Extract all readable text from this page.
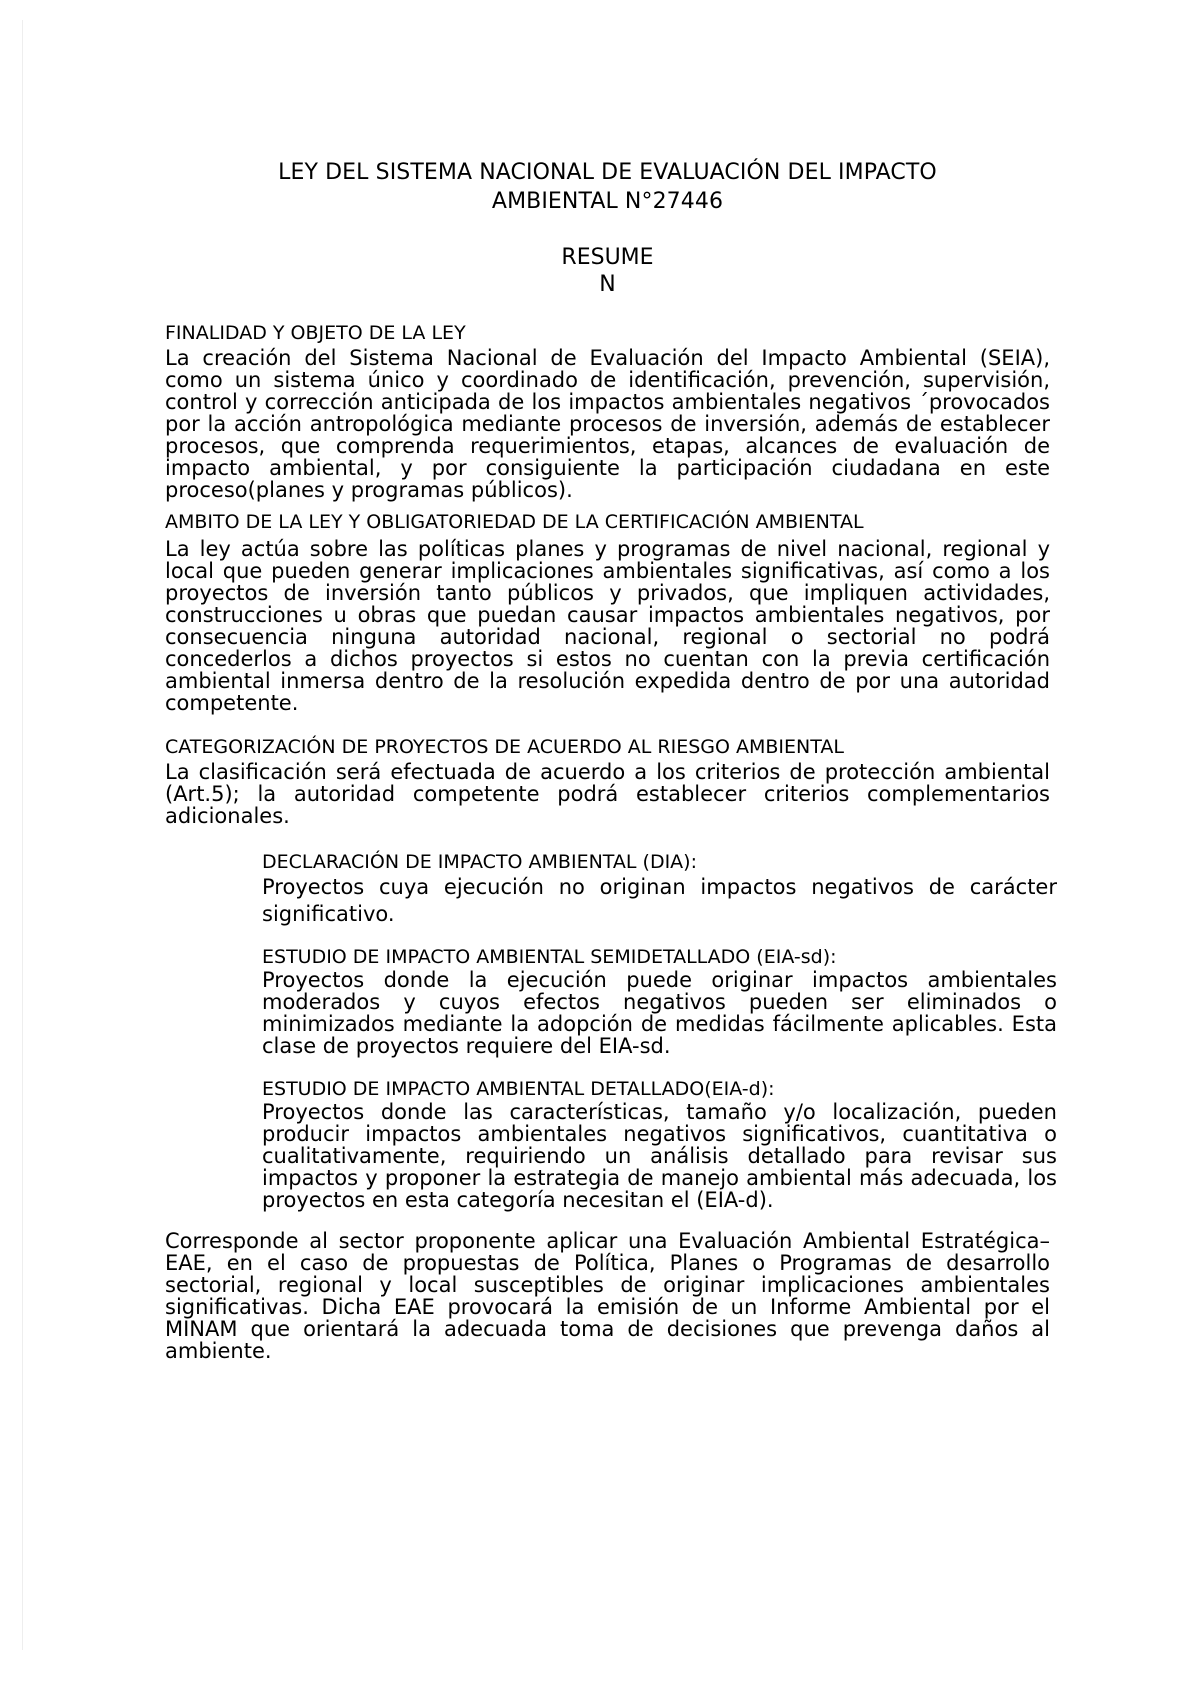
LEY DEL SISTEMA NACIONAL DE EVALUACIÓN DEL IMPACTO
AMBIENTAL N°27446
RESUMEN
FINALIDAD Y OBJETO DE LA LEY

La creación del Sistema Nacional de Evaluación del Impacto Ambiental (SEIA), como un sistema único y coordinado de identificación, prevención, supervisión, control y corrección anticipada de los impactos ambientales negativos ´provocados por la acción antropológica mediante procesos de inversión, además de establecer procesos, que comprenda requerimientos, etapas, alcances de evaluación de impacto ambiental, y por consiguiente la participación ciudadana en este proceso(planes y programas públicos).

AMBITO DE LA LEY Y OBLIGATORIEDAD DE LA CERTIFICACIÓN AMBIENTAL

La ley actúa sobre las políticas planes y programas de nivel nacional, regional y local que pueden generar implicaciones ambientales significativas, así como a los proyectos de inversión tanto públicos y privados, que impliquen actividades, construcciones u obras que puedan causar impactos ambientales negativos, por consecuencia ninguna autoridad nacional, regional o sectorial no podrá concederlos a dichos proyectos si estos no cuentan con la previa certificación ambiental inmersa dentro de la resolución expedida dentro de por una autoridad competente.

CATEGORIZACIÓN DE PROYECTOS DE ACUERDO AL RIESGO AMBIENTAL

La clasificación será efectuada de acuerdo a los criterios de protección ambiental (Art.5); la autoridad competente podrá establecer criterios complementarios adicionales.

DECLARACIÓN DE IMPACTO AMBIENTAL (DIA):

Proyectos cuya ejecución no originan impactos negativos de carácter significativo.

ESTUDIO DE IMPACTO AMBIENTAL SEMIDETALLADO (EIA-sd):

Proyectos donde la ejecución puede originar impactos ambientales moderados y cuyos efectos negativos pueden ser eliminados o minimizados mediante la adopción de medidas fácilmente aplicables. Esta clase de proyectos requiere del EIA-sd.

ESTUDIO DE IMPACTO AMBIENTAL DETALLADO(EIA-d):

Proyectos donde las características, tamaño y/o localización, pueden producir impactos ambientales negativos significativos, cuantitativa o cualitativamente, requiriendo un análisis detallado para revisar sus impactos y proponer la estrategia de manejo ambiental más adecuada, los proyectos en esta categoría necesitan el (EIA-d).

Corresponde al sector proponente aplicar una Evaluación Ambiental Estratégica– EAE, en el caso de propuestas de Política, Planes o Programas de desarrollo sectorial, regional y local susceptibles de originar implicaciones ambientales significativas. Dicha EAE provocará la emisión de un Informe Ambiental por el MINAM que orientará la adecuada toma de decisiones que prevenga daños al ambiente.
